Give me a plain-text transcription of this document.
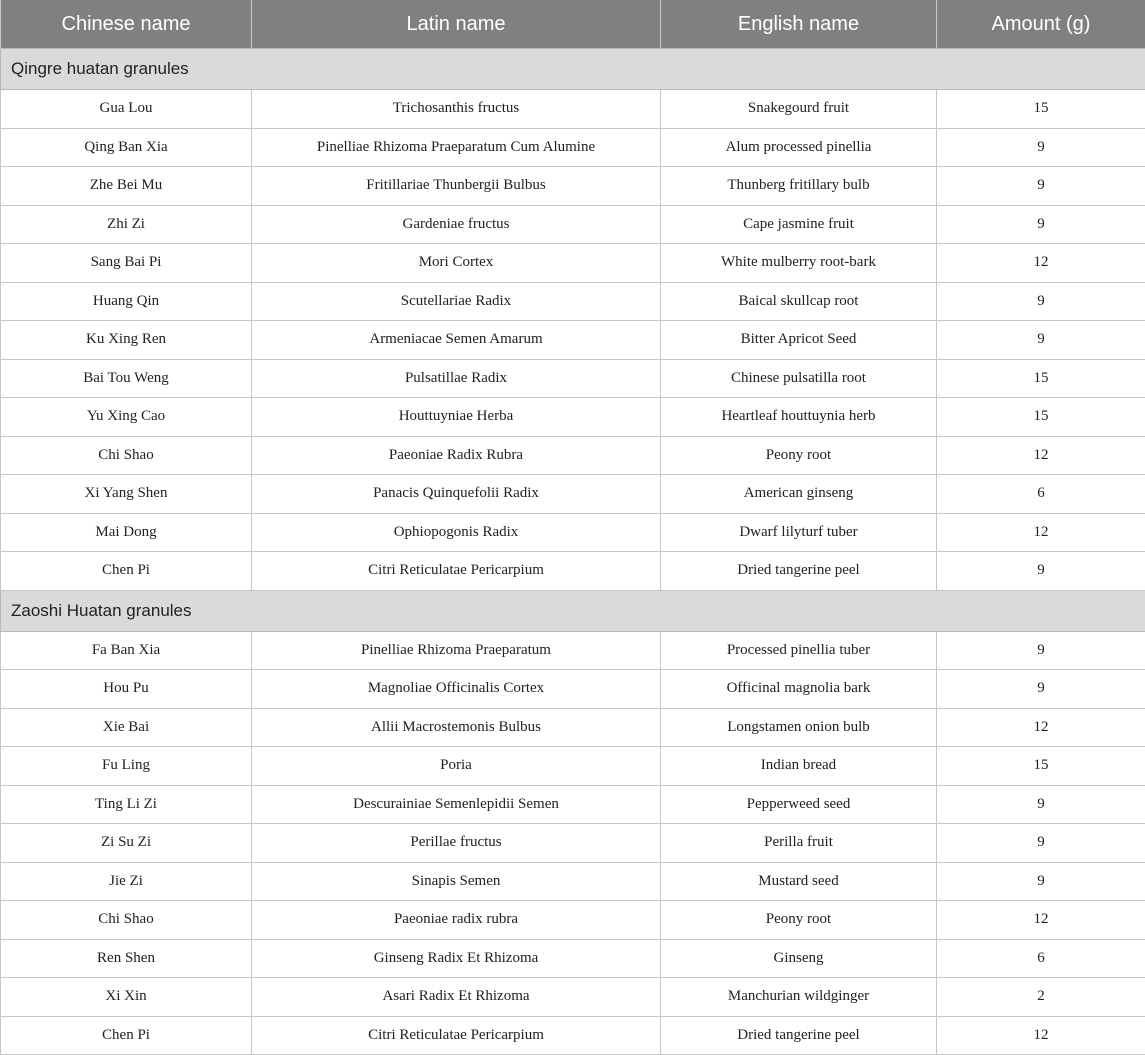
Chinese name	Latin name	English name	Amount (g)
Qingre huatan granules			
Gua Lou	Trichosanthis fructus	Snakegourd fruit	15
Qing Ban Xia	Pinelliae Rhizoma Praeparatum Cum Alumine	Alum processed pinellia	9
Zhe Bei Mu	Fritillariae Thunbergii Bulbus	Thunberg fritillary bulb	9
Zhi Zi	Gardeniae fructus	Cape jasmine fruit	9
Sang Bai Pi	Mori Cortex	White mulberry root-bark	12
Huang Qin	Scutellariae Radix	Baical skullcap root	9
Ku Xing Ren	Armeniacae Semen Amarum	Bitter Apricot Seed	9
Bai Tou Weng	Pulsatillae Radix	Chinese pulsatilla root	15
Yu Xing Cao	Houttuyniae Herba	Heartleaf houttuynia herb	15
Chi Shao	Paeoniae Radix Rubra	Peony root	12
Xi Yang Shen	Panacis Quinquefolii Radix	American ginseng	6
Mai Dong	Ophiopogonis Radix	Dwarf lilyturf tuber	12
Chen Pi	Citri Reticulatae Pericarpium	Dried tangerine peel	9
Zaoshi Huatan granules			
Fa Ban Xia	Pinelliae Rhizoma Praeparatum	Processed pinellia tuber	9
Hou Pu	Magnoliae Officinalis Cortex	Officinal magnolia bark	9
Xie Bai	Allii Macrostemonis Bulbus	Longstamen onion bulb	12
Fu Ling	Poria	Indian bread	15
Ting Li Zi	Descurainiae Semenlepidii Semen	Pepperweed seed	9
Zi Su Zi	Perillae fructus	Perilla fruit	9
Jie Zi	Sinapis Semen	Mustard seed	9
Chi Shao	Paeoniae radix rubra	Peony root	12
Ren Shen	Ginseng Radix Et Rhizoma	Ginseng	6
Xi Xin	Asari Radix Et Rhizoma	Manchurian wildginger	2
Chen Pi	Citri Reticulatae Pericarpium	Dried tangerine peel	12
